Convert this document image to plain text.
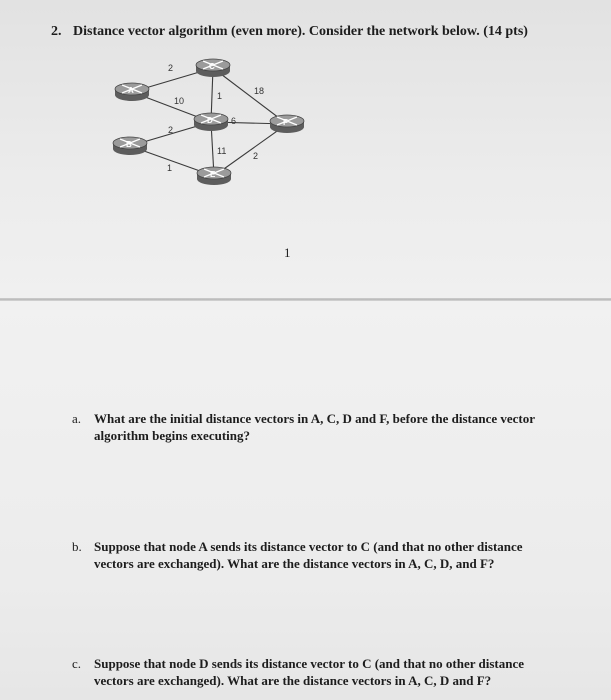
2. Distance vector algorithm (even more). Consider the network below. (14 pts)
2
10
2
1
1	18
6
11	2
A
B
C
D
E
F
1
a. What are the initial distance vectors in A, C, D and F, before the distance vector algorithm begins executing?
b. Suppose that node A sends its distance vector to C (and that no other distance vectors are exchanged). What are the distance vectors in A, C, D, and F?
c. Suppose that node D sends its distance vector to C (and that no other distance vectors are exchanged). What are the distance vectors in A, C, D and F?
